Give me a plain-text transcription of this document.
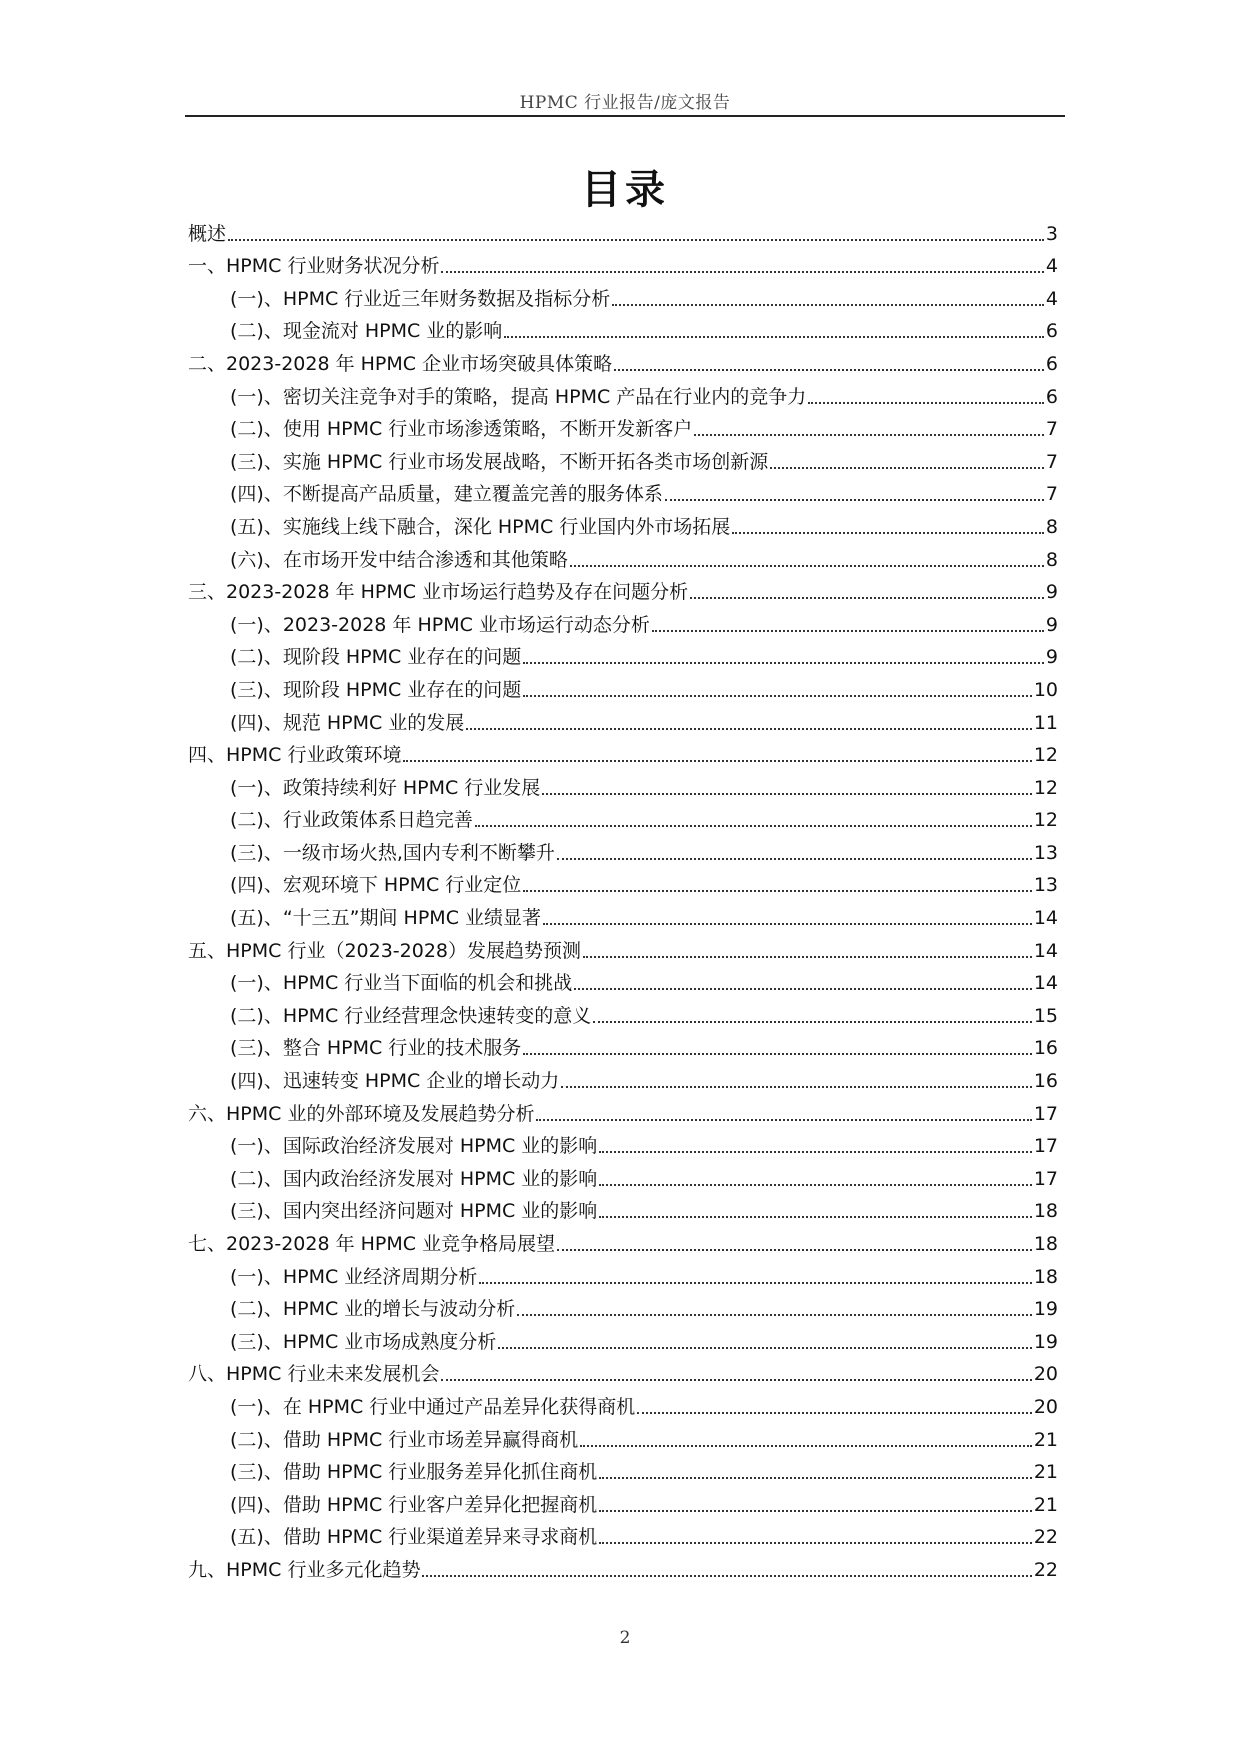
HPMC 行业报告/庞文报告
目录
概述	3
一、HPMC 行业财务状况分析	4
(一)、HPMC 行业近三年财务数据及指标分析	4
(二)、现金流对 HPMC 业的影响	6
二、2023-2028 年 HPMC 企业市场突破具体策略	6
(一)、密切关注竞争对手的策略，提高 HPMC 产品在行业内的竞争力	6
(二)、使用 HPMC 行业市场渗透策略，不断开发新客户	7
(三)、实施 HPMC 行业市场发展战略，不断开拓各类市场创新源	7
(四)、不断提高产品质量，建立覆盖完善的服务体系	7
(五)、实施线上线下融合，深化 HPMC 行业国内外市场拓展	8
(六)、在市场开发中结合渗透和其他策略	8
三、2023-2028 年 HPMC 业市场运行趋势及存在问题分析	9
(一)、2023-2028 年 HPMC 业市场运行动态分析	9
(二)、现阶段 HPMC 业存在的问题	9
(三)、现阶段 HPMC 业存在的问题	10
(四)、规范 HPMC 业的发展	11
四、HPMC 行业政策环境	12
(一)、政策持续利好 HPMC 行业发展	12
(二)、行业政策体系日趋完善	12
(三)、一级市场火热,国内专利不断攀升	13
(四)、宏观环境下 HPMC 行业定位	13
(五)、“十三五”期间 HPMC 业绩显著	14
五、HPMC 行业（2023-2028）发展趋势预测	14
(一)、HPMC 行业当下面临的机会和挑战	14
(二)、HPMC 行业经营理念快速转变的意义	15
(三)、整合 HPMC 行业的技术服务	16
(四)、迅速转变 HPMC 企业的增长动力	16
六、HPMC 业的外部环境及发展趋势分析	17
(一)、国际政治经济发展对 HPMC 业的影响	17
(二)、国内政治经济发展对 HPMC 业的影响	17
(三)、国内突出经济问题对 HPMC 业的影响	18
七、2023-2028 年 HPMC 业竞争格局展望	18
(一)、HPMC 业经济周期分析	18
(二)、HPMC 业的增长与波动分析	19
(三)、HPMC 业市场成熟度分析	19
八、HPMC 行业未来发展机会	20
(一)、在 HPMC 行业中通过产品差异化获得商机	20
(二)、借助 HPMC 行业市场差异赢得商机	21
(三)、借助 HPMC 行业服务差异化抓住商机	21
(四)、借助 HPMC 行业客户差异化把握商机	21
(五)、借助 HPMC 行业渠道差异来寻求商机	22
九、HPMC 行业多元化趋势	22
2
